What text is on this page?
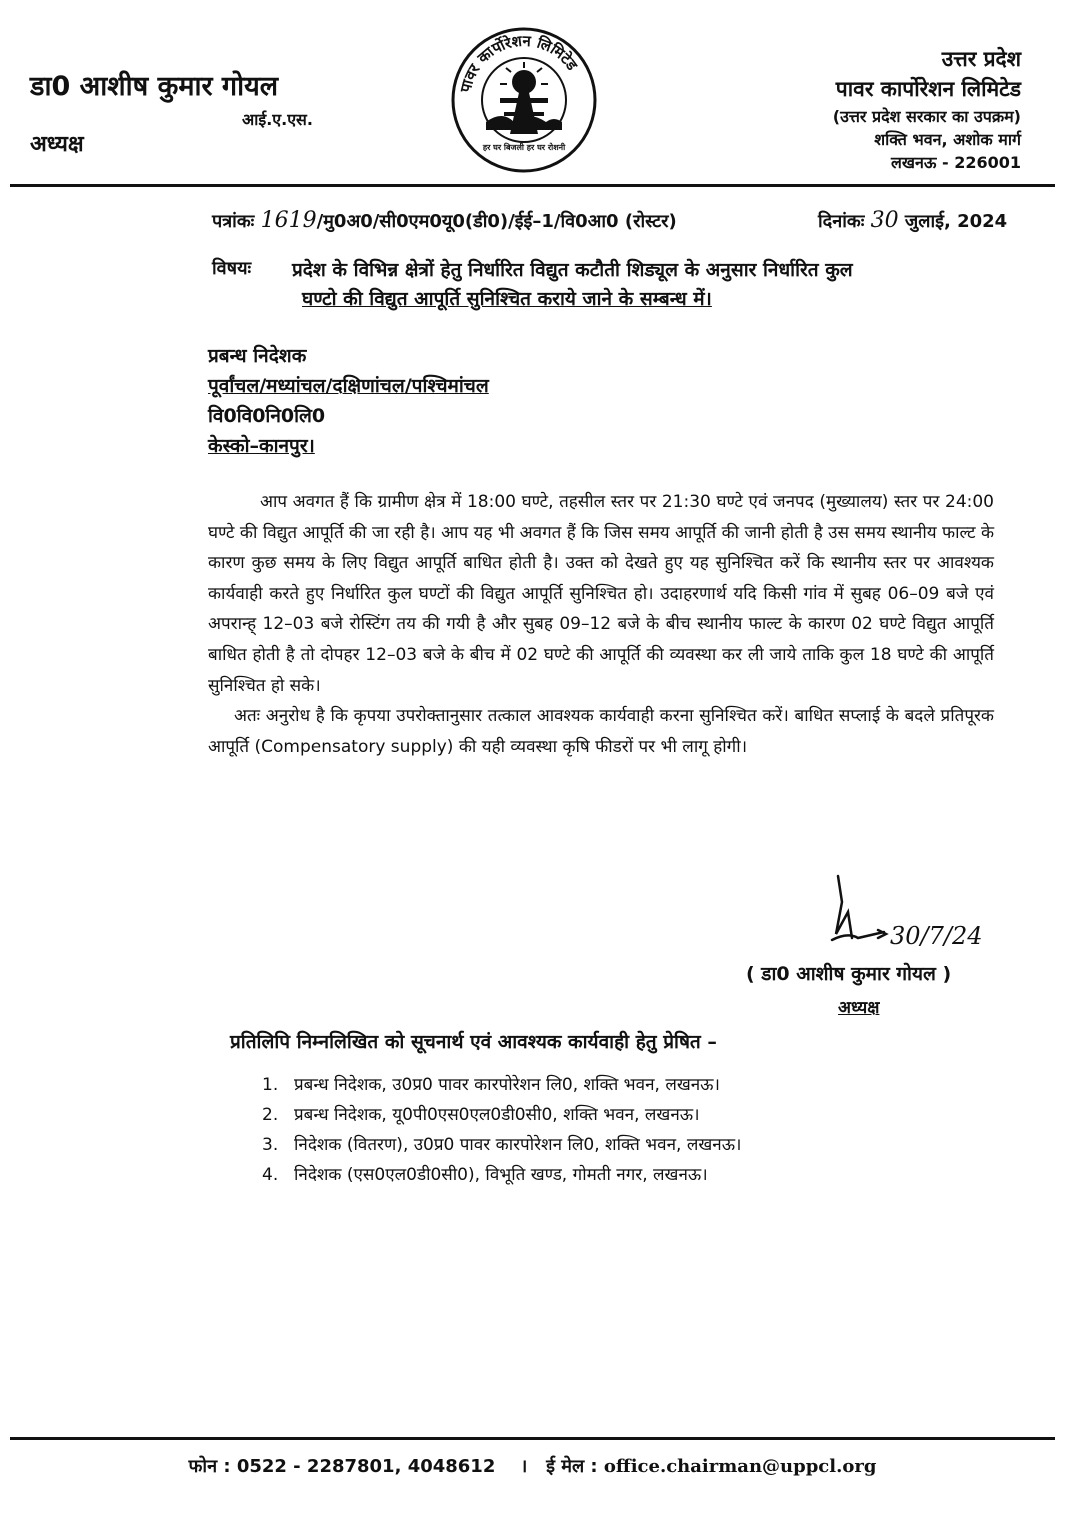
डा0 आशीष कुमार गोयल
आई.ए.एस.
अध्यक्ष
पावर कार्पोरेशन लिमिटेड
हर घर बिजली हर घर रोशनी
उत्तर प्रदेश
पावर कार्पोरेशन लिमिटेड
(उत्तर प्रदेश सरकार का उपक्रम)
शक्ति भवन, अशोक मार्ग
लखनऊ - 226001
पत्रांकः 1619/मु0अ0/सी0एम0यू0(डी0)/ईई–1/वि0आ0 (रोस्टर)	दिनांकः 30 जुलाई, 2024
विषयः प्रदेश के विभिन्न क्षेत्रों हेतु निर्धारित विद्युत कटौती शिड्यूल के अनुसार निर्धारित कुल
घण्टो की विद्युत आपूर्ति सुनिश्चित कराये जाने के सम्बन्ध में।
प्रबन्ध निदेशक
पूर्वांचल/मध्यांचल/दक्षिणांचल/पश्चिमांचल
वि0वि0नि0लि0
केस्को–कानपुर।

आप अवगत हैं कि ग्रामीण क्षेत्र में 18:00 घण्टे, तहसील स्तर पर 21:30 घण्टे एवं जनपद (मुख्यालय) स्तर पर 24:00 घण्टे की विद्युत आपूर्ति की जा रही है। आप यह भी अवगत हैं कि जिस समय आपूर्ति की जानी होती है उस समय स्थानीय फाल्ट के कारण कुछ समय के लिए विद्युत आपूर्ति बाधित होती है। उक्त को देखते हुए यह सुनिश्चित करें कि स्थानीय स्तर पर आवश्यक कार्यवाही करते हुए निर्धारित कुल घण्टों की विद्युत आपूर्ति सुनिश्चित हो। उदाहरणार्थ यदि किसी गांव में सुबह 06–09 बजे एवं अपरान्ह् 12–03 बजे रोस्टिंग तय की गयी है और सुबह 09–12 बजे के बीच स्थानीय फाल्ट के कारण 02 घण्टे विद्युत आपूर्ति बाधित होती है तो दोपहर 12–03 बजे के बीच में 02 घण्टे की आपूर्ति की व्यवस्था कर ली जाये ताकि कुल 18 घण्टे की आपूर्ति सुनिश्चित हो सके।

अतः अनुरोध है कि कृपया उपरोक्तानुसार तत्काल आवश्यक कार्यवाही करना सुनिश्चित करें। बाधित सप्लाई के बदले प्रतिपूरक आपूर्ति (Compensatory supply) की यही व्यवस्था कृषि फीडरों पर भी लागू होगी।

30/7/24
( डा0 आशीष कुमार गोयल )
अध्यक्ष
प्रतिलिपि निम्नलिखित को सूचनार्थ एवं आवश्यक कार्यवाही हेतु प्रेषित –
1. प्रबन्ध निदेशक, उ0प्र0 पावर कारपोरेशन लि0, शक्ति भवन, लखनऊ।
2. प्रबन्ध निदेशक, यू0पी0एस0एल0डी0सी0, शक्ति भवन, लखनऊ।
3. निदेशक (वितरण), उ0प्र0 पावर कारपोरेशन लि0, शक्ति भवन, लखनऊ।
4. निदेशक (एस0एल0डी0सी0), विभूति खण्ड, गोमती नगर, लखनऊ।
फोन : 0522 - 2287801, 4048612 । ई मेल : office.chairman@uppcl.org
